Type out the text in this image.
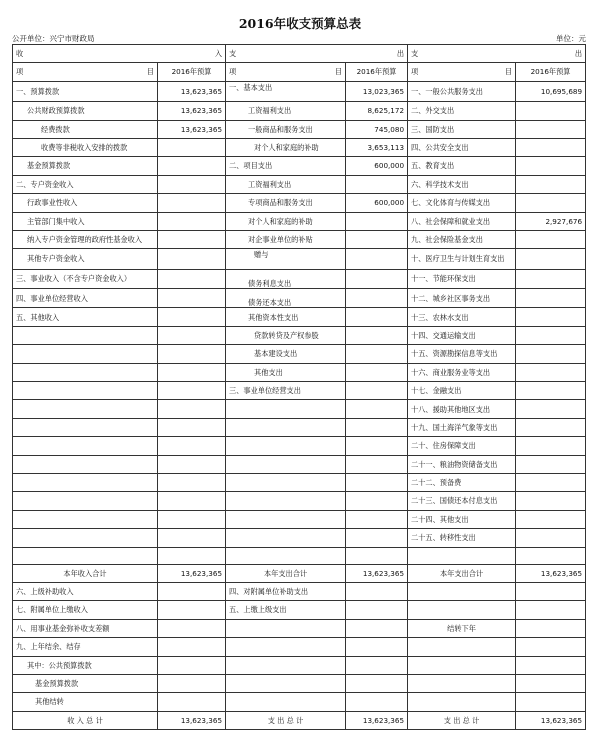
2016年收支预算总表
公开单位：兴宁市财政局	单位：元
收 入		支 出		支 出	
项 目	2016年预算	项 目	2016年预算	项 目	2016年预算
一、预算拨款	13,623,365	一、基本支出	13,023,365	一、一般公共服务支出	10,695,689
公共财政预算拨款	13,623,365	工资福利支出	8,625,172	二、外交支出	
经费拨款	13,623,365	一般商品和服务支出	745,080	三、国防支出	
收费等非税收入安排的拨款		对个人和家庭的补助	3,653,113	四、公共安全支出	
基金预算拨款		二、项目支出	600,000	五、教育支出	
二、专户资金收入		工资福利支出		六、科学技术支出	
行政事业性收入		专项商品和服务支出	600,000	七、文化体育与传媒支出	
主管部门集中收入		对个人和家庭的补助		八、社会保障和就业支出	2,927,676
纳入专户资金管理的政府性基金收入		对企事业单位的补贴		九、社会保险基金支出	
其他专户资金收入		赠与		十、医疗卫生与计划生育支出	
三、事业收入（不含专户资金收入）		债务利息支出		十一、节能环保支出	
四、事业单位经营收入		债务还本支出		十二、城乡社区事务支出	
五、其他收入		其他资本性支出		十三、农林水支出	
		贷款转贷及产权参股		十四、交通运输支出	
		基本建设支出		十五、资源勘探信息等支出	
		其他支出		十六、商业服务业等支出	
		三、事业单位经营支出		十七、金融支出	
				十八、援助其他地区支出	
				十九、国土海洋气象等支出	
				二十、住房保障支出	
				二十一、粮油物资储备支出	
				二十二、预备费	
				二十三、国债还本付息支出	
				二十四、其他支出	
				二十五、转移性支出	

本年收入合计	13,623,365	本年支出合计	13,623,365	本年支出合计	13,623,365
六、上级补助收入		四、对附属单位补助支出			
七、附属单位上缴收入		五、上缴上级支出			
八、用事业基金弥补收支差额				结转下年	
九、上年结余、结存					
其中：公共预算拨款					
基金预算拨款					
其他结转					
收 入 总 计	13,623,365	支 出 总 计	13,623,365	支 出 总 计	13,623,365
